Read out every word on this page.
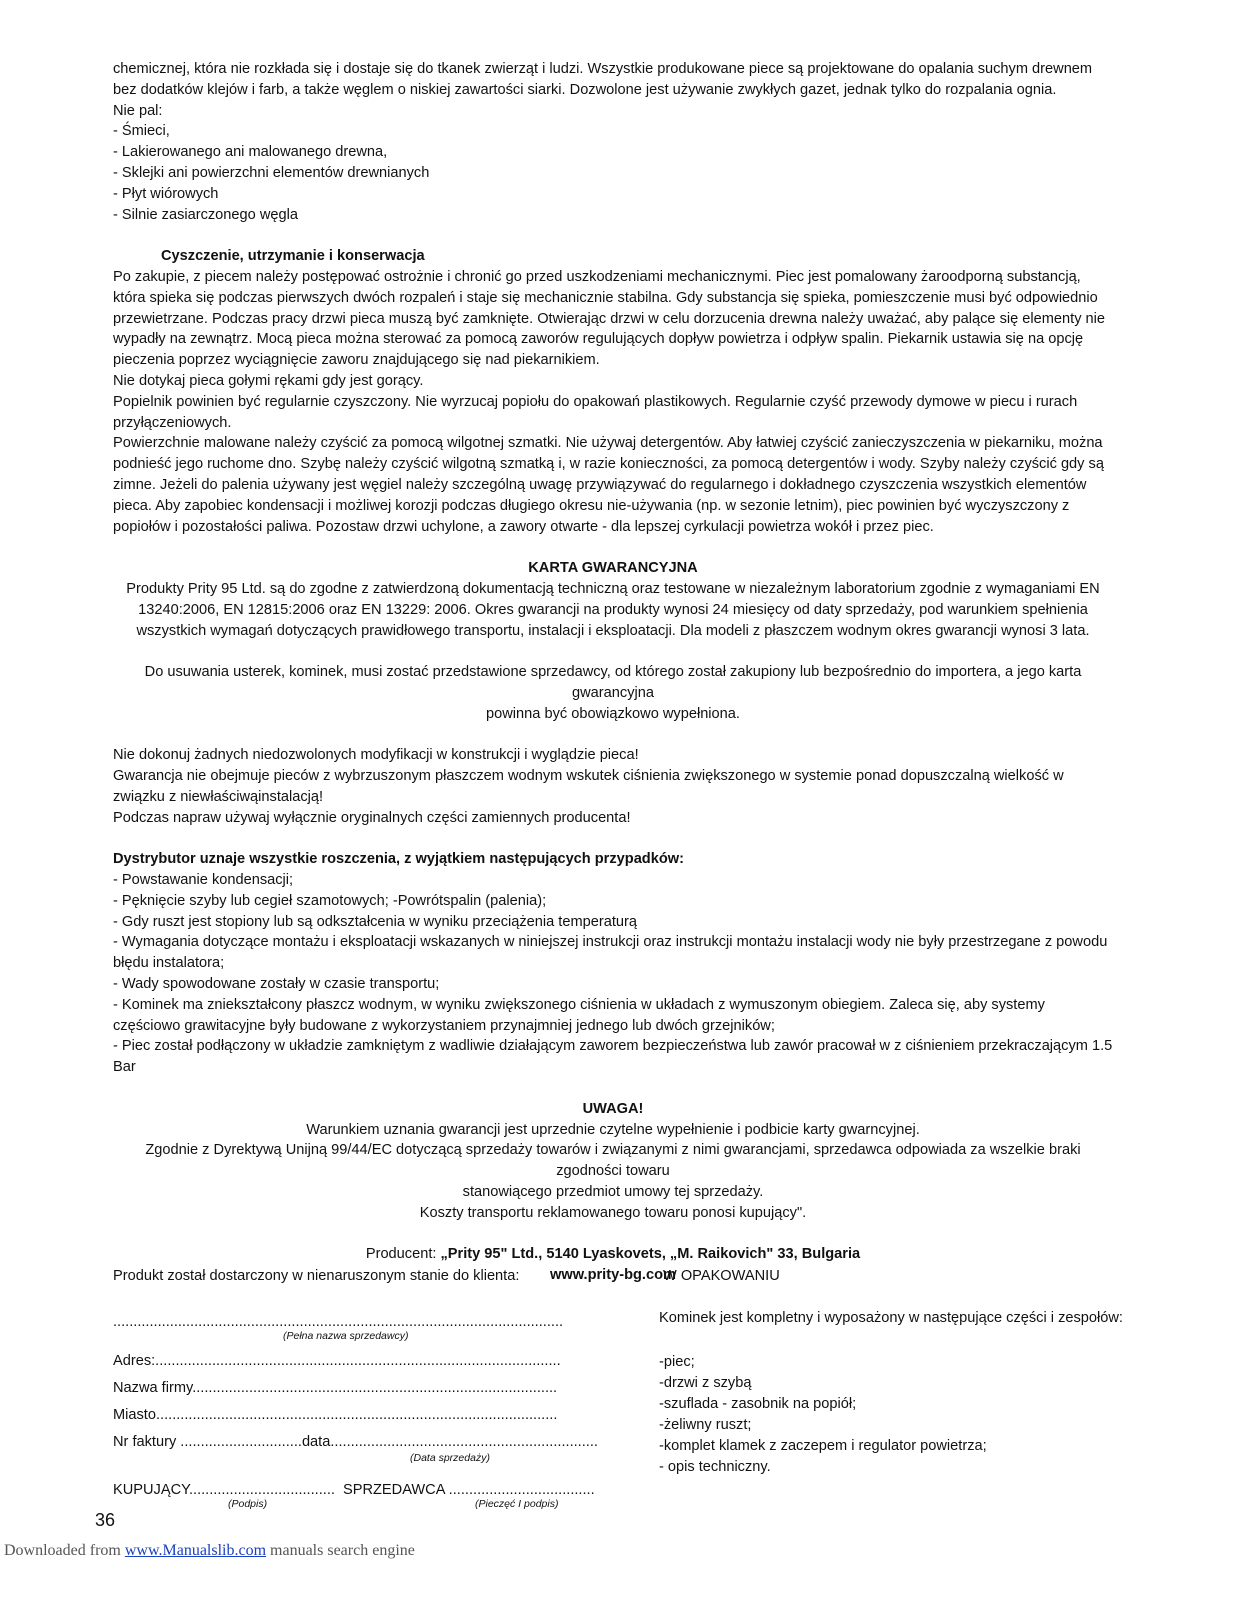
chemicznej, która nie rozkłada się i dostaje się do tkanek zwierząt i ludzi. Wszystkie produkowane piece są projektowane do opalania suchym drewnem bez dodatków klejów i farb, a także węglem o niskiej zawartości siarki. Dozwolone jest używanie zwykłych gazet, jednak tylko do rozpalania ognia.

Nie pal:

- Śmieci,

- Lakierowanego ani malowanego drewna,

- Sklejki ani powierzchni elementów drewnianych

- Płyt wiórowych

- Silnie zasiarczonego węgla

Cyszczenie, utrzymanie i konserwacja

Po zakupie, z piecem należy postępować ostrożnie i chronić go przed uszkodzeniami mechanicznymi. Piec jest pomalowany żaroodporną substancją, która spieka się podczas pierwszych dwóch rozpaleń i staje się mechanicznie stabilna. Gdy substancja się spieka, pomieszczenie musi być odpowiednio przewietrzane. Podczas pracy drzwi pieca muszą być zamknięte. Otwierając drzwi w celu dorzucenia drewna należy uważać, aby palące się elementy nie wypadły na zewnątrz. Mocą pieca można sterować za pomocą zaworów regulujących dopływ powietrza i odpływ spalin. Piekarnik ustawia się na opcję pieczenia poprzez wyciągnięcie zaworu znajdującego się nad piekarnikiem.

Nie dotykaj pieca gołymi rękami gdy jest gorący.

Popielnik powinien być regularnie czyszczony. Nie wyrzucaj popiołu do opakowań plastikowych. Regularnie czyść przewody dymowe w piecu i rurach przyłączeniowych.

Powierzchnie malowane należy czyścić za pomocą wilgotnej szmatki. Nie używaj detergentów. Aby łatwiej czyścić zanieczyszczenia w piekarniku, można podnieść jego ruchome dno. Szybę należy czyścić wilgotną szmatką i, w razie konieczności, za pomocą detergentów i wody. Szyby należy czyścić gdy są zimne. Jeżeli do palenia używany jest węgiel należy szczególną uwagę przywiązywać do regularnego i dokładnego czyszczenia wszystkich elementów pieca. Aby zapobiec kondensacji i możliwej korozji podczas długiego okresu nie-używania (np. w sezonie letnim), piec powinien być wyczyszczony z popiołów i pozostałości paliwa. Pozostaw drzwi uchylone, a zawory otwarte - dla lepszej cyrkulacji powietrza wokół i przez piec.

KARTA GWARANCYJNA

Produkty Prity 95 Ltd. są do zgodne z zatwierdzoną dokumentacją techniczną oraz testowane w niezależnym laboratorium zgodnie z wymaganiami EN

13240:2006, EN 12815:2006 oraz EN 13229: 2006. Okres gwarancji na produkty wynosi 24 miesięcy od daty sprzedaży, pod warunkiem spełnienia

wszystkich wymagań dotyczących prawidłowego transportu, instalacji i eksploatacji. Dla modeli z płaszczem wodnym okres gwarancji wynosi 3 lata.

Do usuwania usterek, kominek, musi zostać przedstawione sprzedawcy, od którego został zakupiony lub bezpośrednio do importera, a jego karta gwarancyjna

powinna być obowiązkowo wypełniona.

Nie dokonuj żadnych niedozwolonych modyfikacji w konstrukcji i wyglądzie pieca!

Gwarancja nie obejmuje pieców z wybrzuszonym płaszczem wodnym wskutek ciśnienia zwiększonego w systemie ponad dopuszczalną wielkość w związku z niewłaściwąinstalacją!

Podczas napraw używaj wyłącznie oryginalnych części zamiennych producenta!

Dystrybutor uznaje wszystkie roszczenia, z wyjątkiem następujących przypadków:

- Powstawanie kondensacji;

- Pęknięcie szyby lub cegieł szamotowych; -Powrótspalin (palenia);

- Gdy ruszt jest stopiony lub są odkształcenia w wyniku przeciążenia temperaturą

- Wymagania dotyczące montażu i eksploatacji wskazanych w niniejszej instrukcji oraz instrukcji montażu instalacji wody nie były przestrzegane z powodu błędu instalatora;

- Wady spowodowane zostały w czasie transportu;

- Kominek ma zniekształcony płaszcz wodnym, w wyniku zwiększonego ciśnienia w układach z wymuszonym obiegiem. Zaleca się, aby systemy częściowo grawitacyjne były budowane z wykorzystaniem przynajmniej jednego lub dwóch grzejników;

- Piec został podłączony w układzie zamkniętym z wadliwie działającym zaworem bezpieczeństwa lub zawór pracował w z ciśnieniem przekraczającym 1.5 Bar

UWAGA!

Warunkiem uznania gwarancji jest uprzednie czytelne wypełnienie i podbicie karty gwarncyjnej.

Zgodnie z Dyrektywą Unijną 99/44/EC dotyczącą sprzedaży towarów i związanymi z nimi gwarancjami, sprzedawca odpowiada za wszelkie braki zgodności towaru

stanowiącego przedmiot umowy tej sprzedaży.

Koszty transportu reklamowanego towaru ponosi kupujący".

Producent: „Prity 95" Ltd., 5140 Lyaskovets, „M. Raikovich" 33, Bulgaria

www.prity-bg.com

Produkt został dostarczony w nienaruszonym stanie do klienta:
...............................................................................................................
(Pełna nazwa sprzedawcy)
Adres:....................................................................................................
Nazwa firmy..........................................................................................
Miasto...................................................................................................
Nr faktury ..............................data..................................................................
(Data sprzedaży)
KUPUJĄCY.................................... SPRZEDAWCA ....................................
(Podpis)	(Pieczęć I podpis)
W OPAKOWANIU
Kominek jest kompletny i wyposażony w następujące części i zespołów:
-piec;
-drzwi z szybą
-szuflada - zasobnik na popiół;
-żeliwny ruszt;
-komplet klamek z zaczepem i regulator powietrza;
- opis techniczny.
36
Downloaded from www.Manualslib.com manuals search engine
